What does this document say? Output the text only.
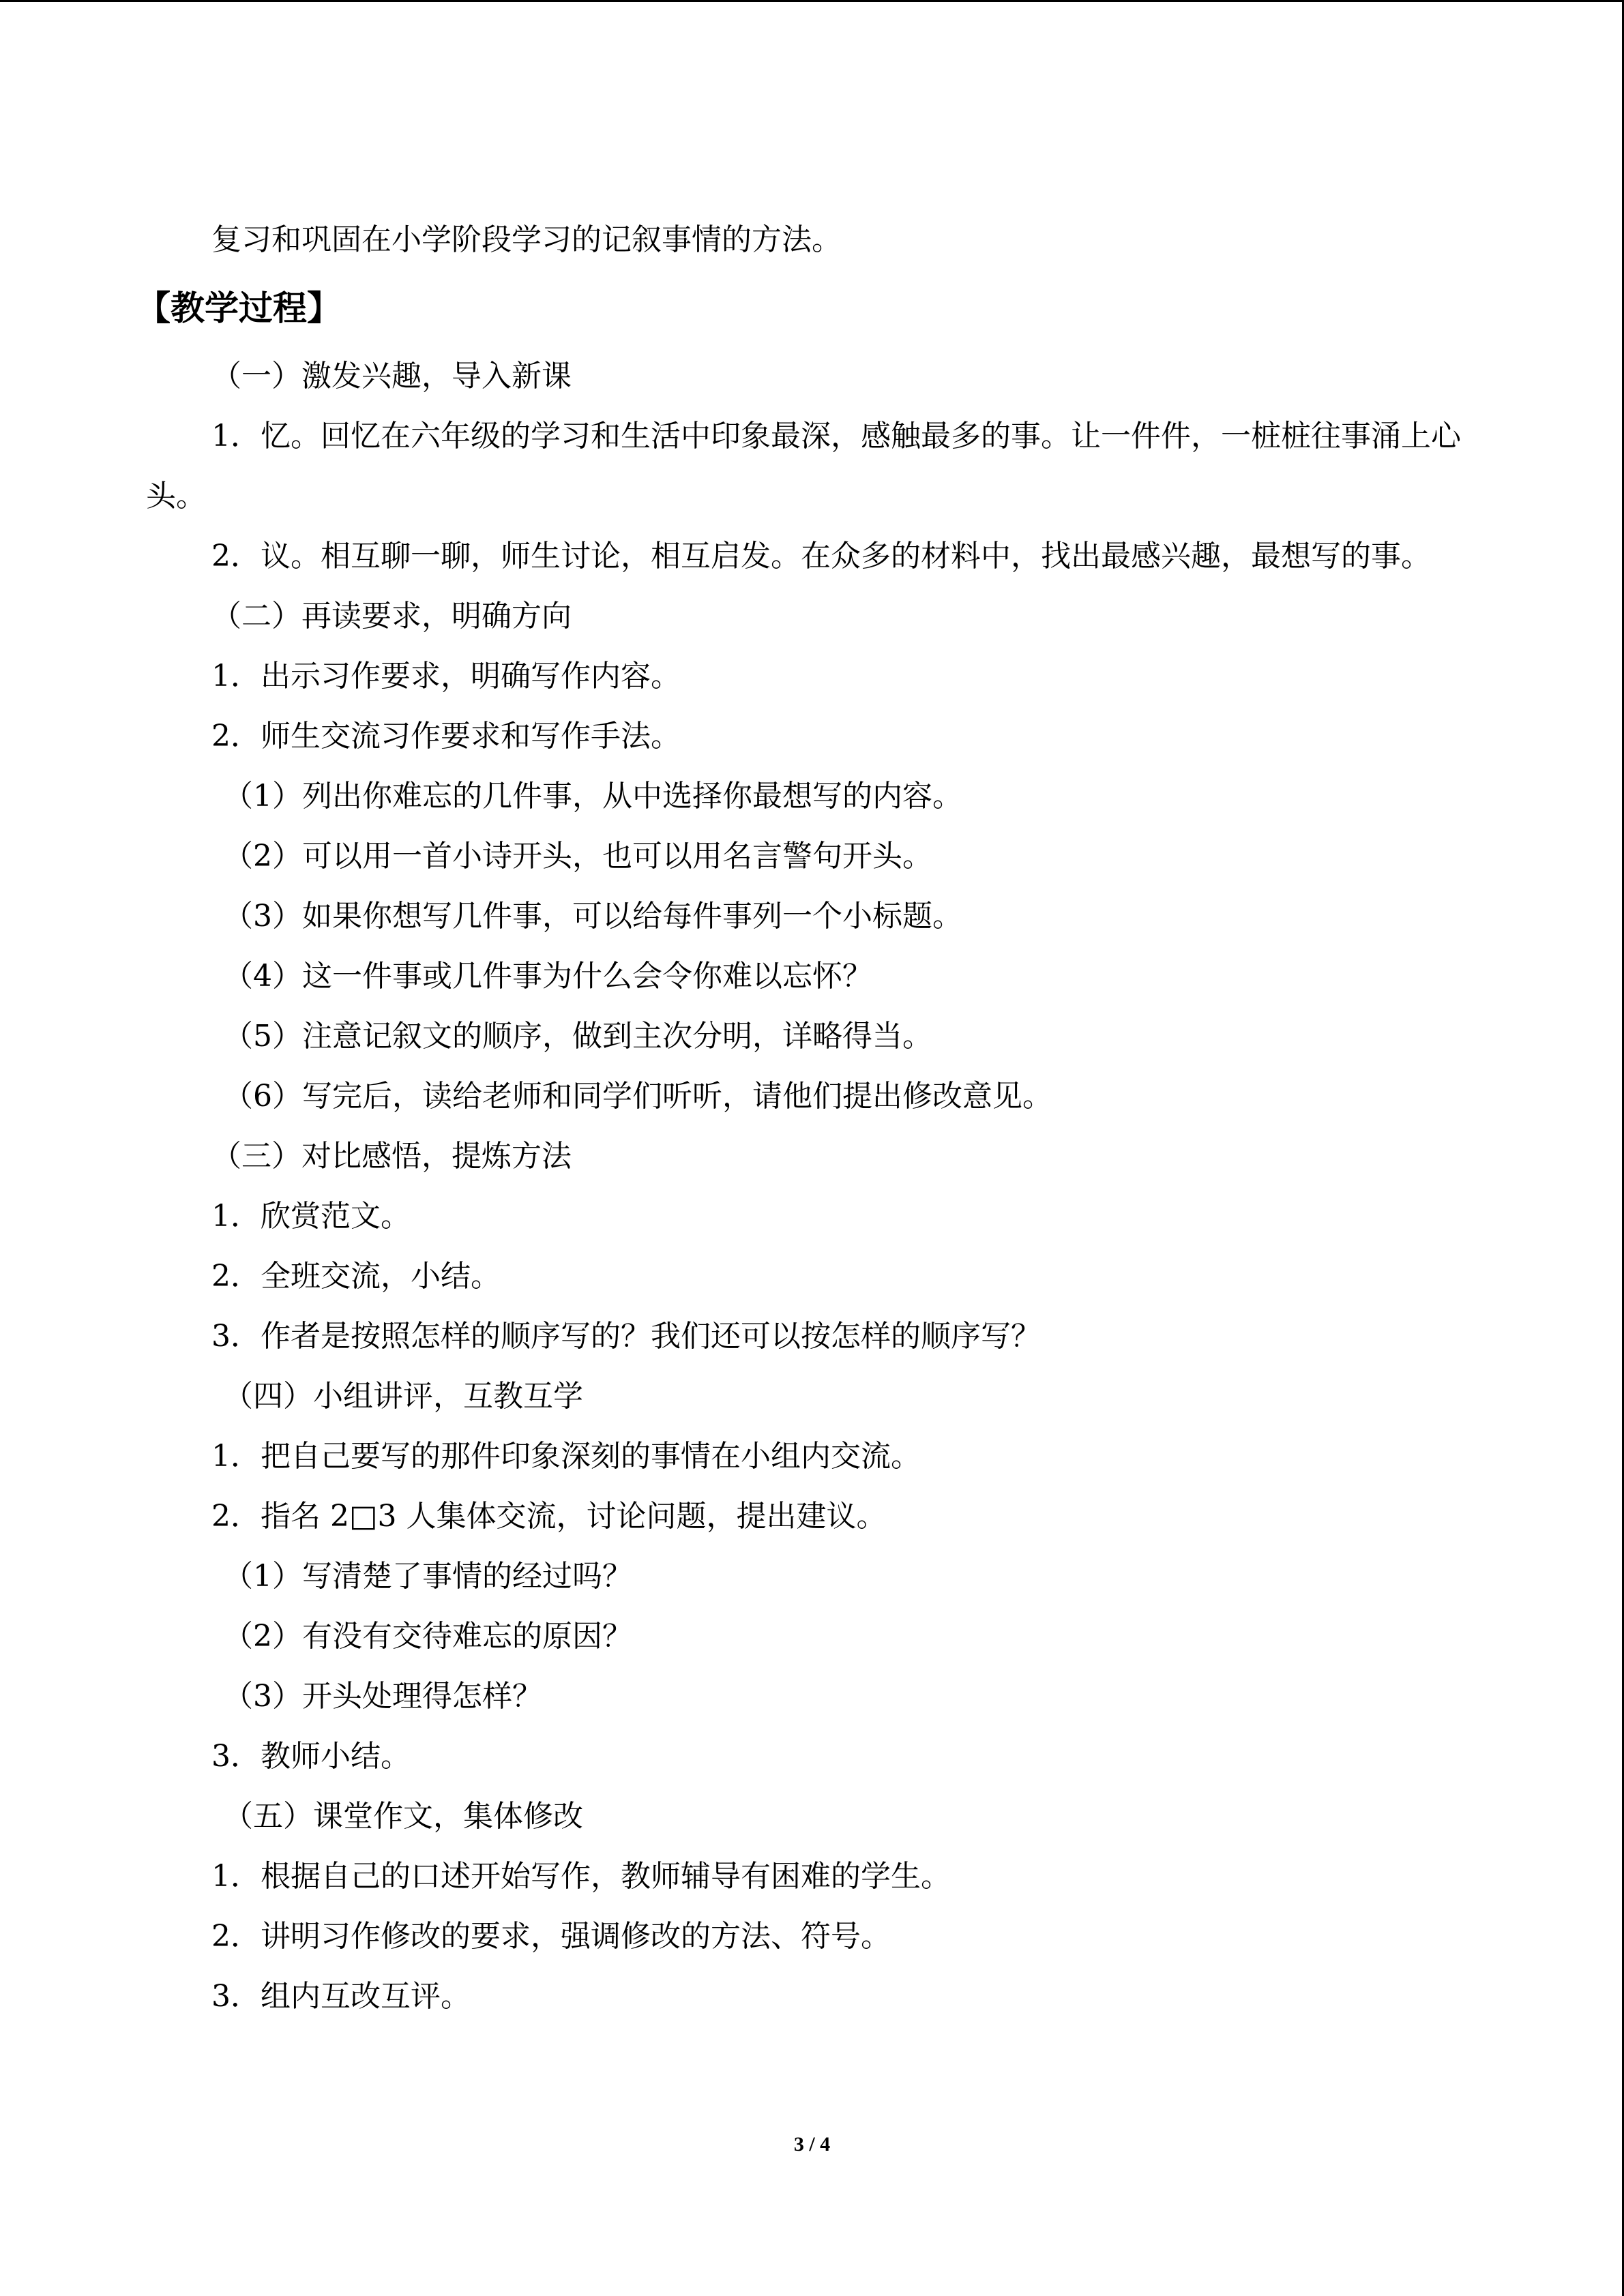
复习和巩固在小学阶段学习的记叙事情的方法。
【教学过程】
（一）激发兴趣，导入新课
1．忆。回忆在六年级的学习和生活中印象最深，感触最多的事。让一件件，一桩桩往事涌上心头。
2．议。相互聊一聊，师生讨论，相互启发。在众多的材料中，找出最感兴趣，最想写的事。
（二）再读要求，明确方向
1．出示习作要求，明确写作内容。
2．师生交流习作要求和写作手法。
（1）列出你难忘的几件事，从中选择你最想写的内容。
（2）可以用一首小诗开头，也可以用名言警句开头。
（3）如果你想写几件事，可以给每件事列一个小标题。
（4）这一件事或几件事为什么会令你难以忘怀？
（5）注意记叙文的顺序，做到主次分明，详略得当。
（6）写完后，读给老师和同学们听听，请他们提出修改意见。
（三）对比感悟，提炼方法
1．欣赏范文。
2．全班交流，小结。
3．作者是按照怎样的顺序写的？我们还可以按怎样的顺序写？
（四）小组讲评，互教互学
1．把自己要写的那件印象深刻的事情在小组内交流。
2．指名 2□3 人集体交流，讨论问题，提出建议。
（1）写清楚了事情的经过吗？
（2）有没有交待难忘的原因？
（3）开头处理得怎样？
3．教师小结。
（五）课堂作文，集体修改
1．根据自己的口述开始写作，教师辅导有困难的学生。
2．讲明习作修改的要求，强调修改的方法、符号。
3．组内互改互评。
3 / 4
